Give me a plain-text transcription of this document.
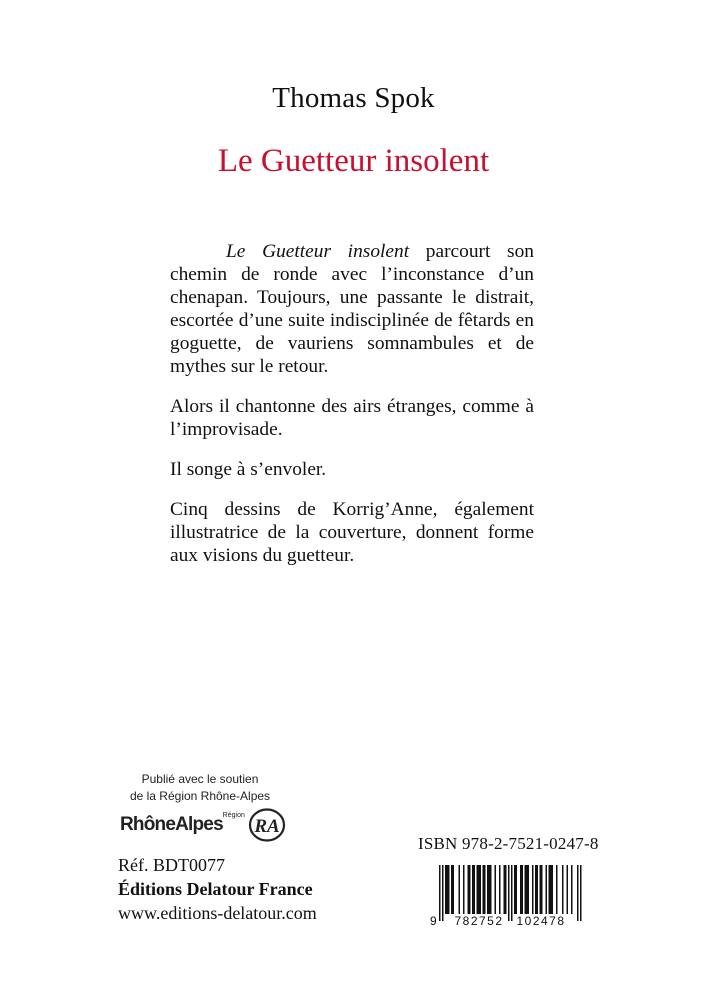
Thomas Spok
Le Guetteur insolent

Le Guetteur insolent parcourt son chemin de ronde avec l’inconstance d’un chenapan. Toujours, une passante le distrait, escortée d’une suite indisciplinée de fêtards en goguette, de vauriens somnambules et de mythes sur le retour.

Alors il chantonne des airs étranges, comme à l’improvisade.

Il songe à s’envoler.

Cinq dessins de Korrig’Anne, également illustratrice de la couverture, donnent forme aux visions du guetteur.

Publié avec le soutien
de la Région Rhône-Alpes
RhôneAlpes Région
RA
Réf. BDT0077
Éditions Delatour France
www.editions-delatour.com
ISBN 978-2-7521-0247-8
9 782752 102478
